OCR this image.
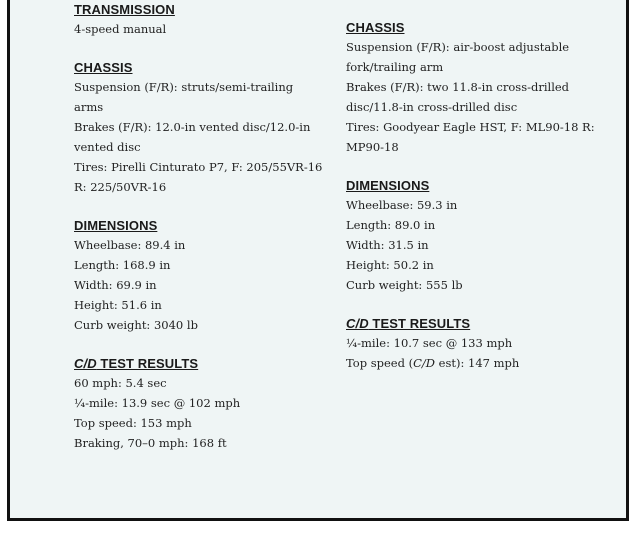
TRANSMISSION
4-speed manual
CHASSIS
Suspension (F/R): struts/semi-trailing
arms
Brakes (F/R): 12.0-in vented disc/12.0-in
vented disc
Tires: Pirelli Cinturato P7, F: 205/55VR-16
R: 225/50VR-16
DIMENSIONS
Wheelbase: 89.4 in
Length: 168.9 in
Width: 69.9 in
Height: 51.6 in
Curb weight: 3040 lb
C/D TEST RESULTS
60 mph: 5.4 sec
¼-mile: 13.9 sec @ 102 mph
Top speed: 153 mph
Braking, 70–0 mph: 168 ft
CHASSIS
Suspension (F/R): air-boost adjustable
fork/trailing arm
Brakes (F/R): two 11.8-in cross-drilled
disc/11.8-in cross-drilled disc
Tires: Goodyear Eagle HST, F: ML90-18 R:
MP90-18
DIMENSIONS
Wheelbase: 59.3 in
Length: 89.0 in
Width: 31.5 in
Height: 50.2 in
Curb weight: 555 lb
C/D TEST RESULTS
¼-mile: 10.7 sec @ 133 mph
Top speed (C/D est): 147 mph
